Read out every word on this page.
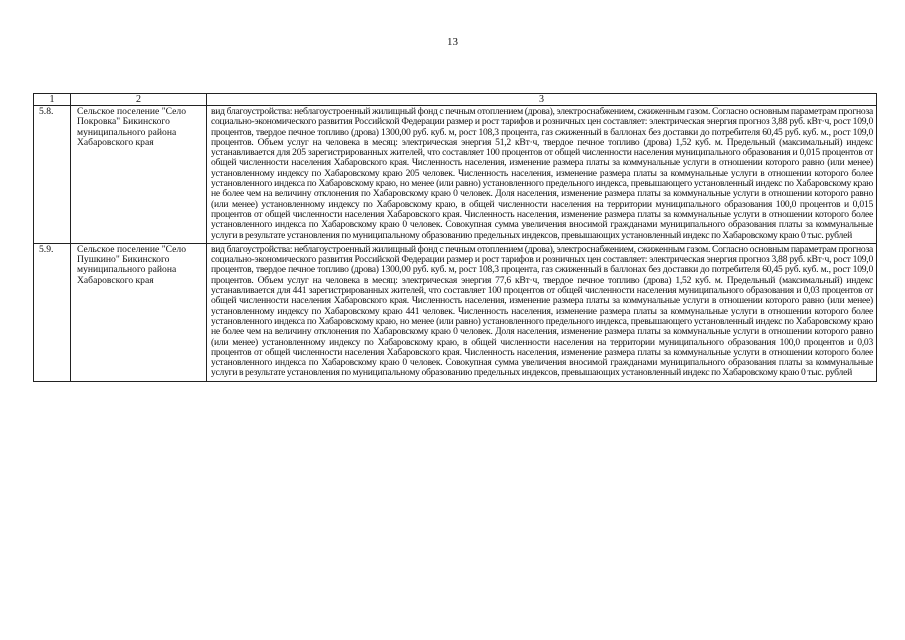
13
1	2	3
5.8.	Сельское поселение "Село Покровка" Бикинского муниципального района Хабаровского края	вид благоустройства: неблагоустроенный жилищный фонд с печным отоплением (дрова), электроснабжением, сжиженным газом. Согласно основным параметрам прогноза социально-экономического развития Российской Федерации размер и рост тарифов и розничных цен составляет: электрическая энергия прогноз 3,88 руб. кВт·ч, рост 109,0 процентов, твердое печное топливо (дрова) 1300,00 руб. куб. м, рост 108,3 процента, газ сжиженный в баллонах без доставки до потребителя 60,45 руб. куб. м., рост 109,0 процентов. Объем услуг на человека в месяц: электрическая энергия 51,2 кВт·ч, твердое печное топливо (дрова) 1,52 куб. м. Предельный (максимальный) индекс устанавливается для 205 зарегистрированных жителей, что составляет 100 процентов от общей численности населения муниципального образования и 0,015 процентов от общей численности населения Хабаровского края. Численность населения, изменение размера платы за коммунальные услуги в отношении которого равно (или менее) установленному индексу по Хабаровскому краю 205 человек. Численность населения, изменение размера платы за коммунальные услуги в отношении которого более установленного индекса по Хабаровскому краю, но менее (или равно) установленного предельного индекса, превышающего установленный индекс по Хабаровскому краю не более чем на величину отклонения по Хабаровскому краю 0 человек. Доля населения, изменение размера платы за коммунальные услуги в отношении которого равно (или менее) установленному индексу по Хабаровскому краю, в общей численности населения на территории муниципального образования 100,0 процентов и 0,015 процентов от общей численности населения Хабаровского края. Численность населения, изменение размера платы за коммунальные услуги в отношении которого более установленного индекса по Хабаровскому краю 0 человек. Совокупная сумма увеличения вносимой гражданами муниципального образования платы за коммунальные услуги в результате установления по муниципальному образованию предельных индексов, превышающих установленный индекс по Хабаровскому краю 0 тыс. рублей
5.9.	Сельское поселение "Село Пушкино" Бикинского муниципального района Хабаровского края	вид благоустройства: неблагоустроенный жилищный фонд с печным отоплением (дрова), электроснабжением, сжиженным газом. Согласно основным параметрам прогноза социально-экономического развития Российской Федерации размер и рост тарифов и розничных цен составляет: электрическая энергия прогноз 3,88 руб. кВт·ч, рост 109,0 процентов, твердое печное топливо (дрова) 1300,00 руб. куб. м, рост 108,3 процента, газ сжиженный в баллонах без доставки до потребителя 60,45 руб. куб. м., рост 109,0 процентов. Объем услуг на человека в месяц: электрическая энергия 77,6 кВт·ч, твердое печное топливо (дрова) 1,52 куб. м. Предельный (максимальный) индекс устанавливается для 441 зарегистрированных жителей, что составляет 100 процентов от общей численности населения муниципального образования и 0,03 процентов от общей численности населения Хабаровского края. Численность населения, изменение размера платы за коммунальные услуги в отношении которого равно (или менее) установленному индексу по Хабаровскому краю 441 человек. Численность населения, изменение размера платы за коммунальные услуги в отношении которого более установленного индекса по Хабаровскому краю, но менее (или равно) установленного предельного индекса, превышающего установленный индекс по Хабаровскому краю не более чем на величину отклонения по Хабаровскому краю 0 человек. Доля населения, изменение размера платы за коммунальные услуги в отношении которого равно (или менее) установленному индексу по Хабаровскому краю, в общей численности населения на территории муниципального образования 100,0 процентов и 0,03 процентов от общей численности населения Хабаровского края. Численность населения, изменение размера платы за коммунальные услуги в отношении которого более установленного индекса по Хабаровскому краю 0 человек. Совокупная сумма увеличения вносимой гражданами муниципального образования платы за коммунальные услуги в результате установления по муниципальному образованию предельных индексов, превышающих установленный индекс по Хабаровскому краю 0 тыс. рублей
